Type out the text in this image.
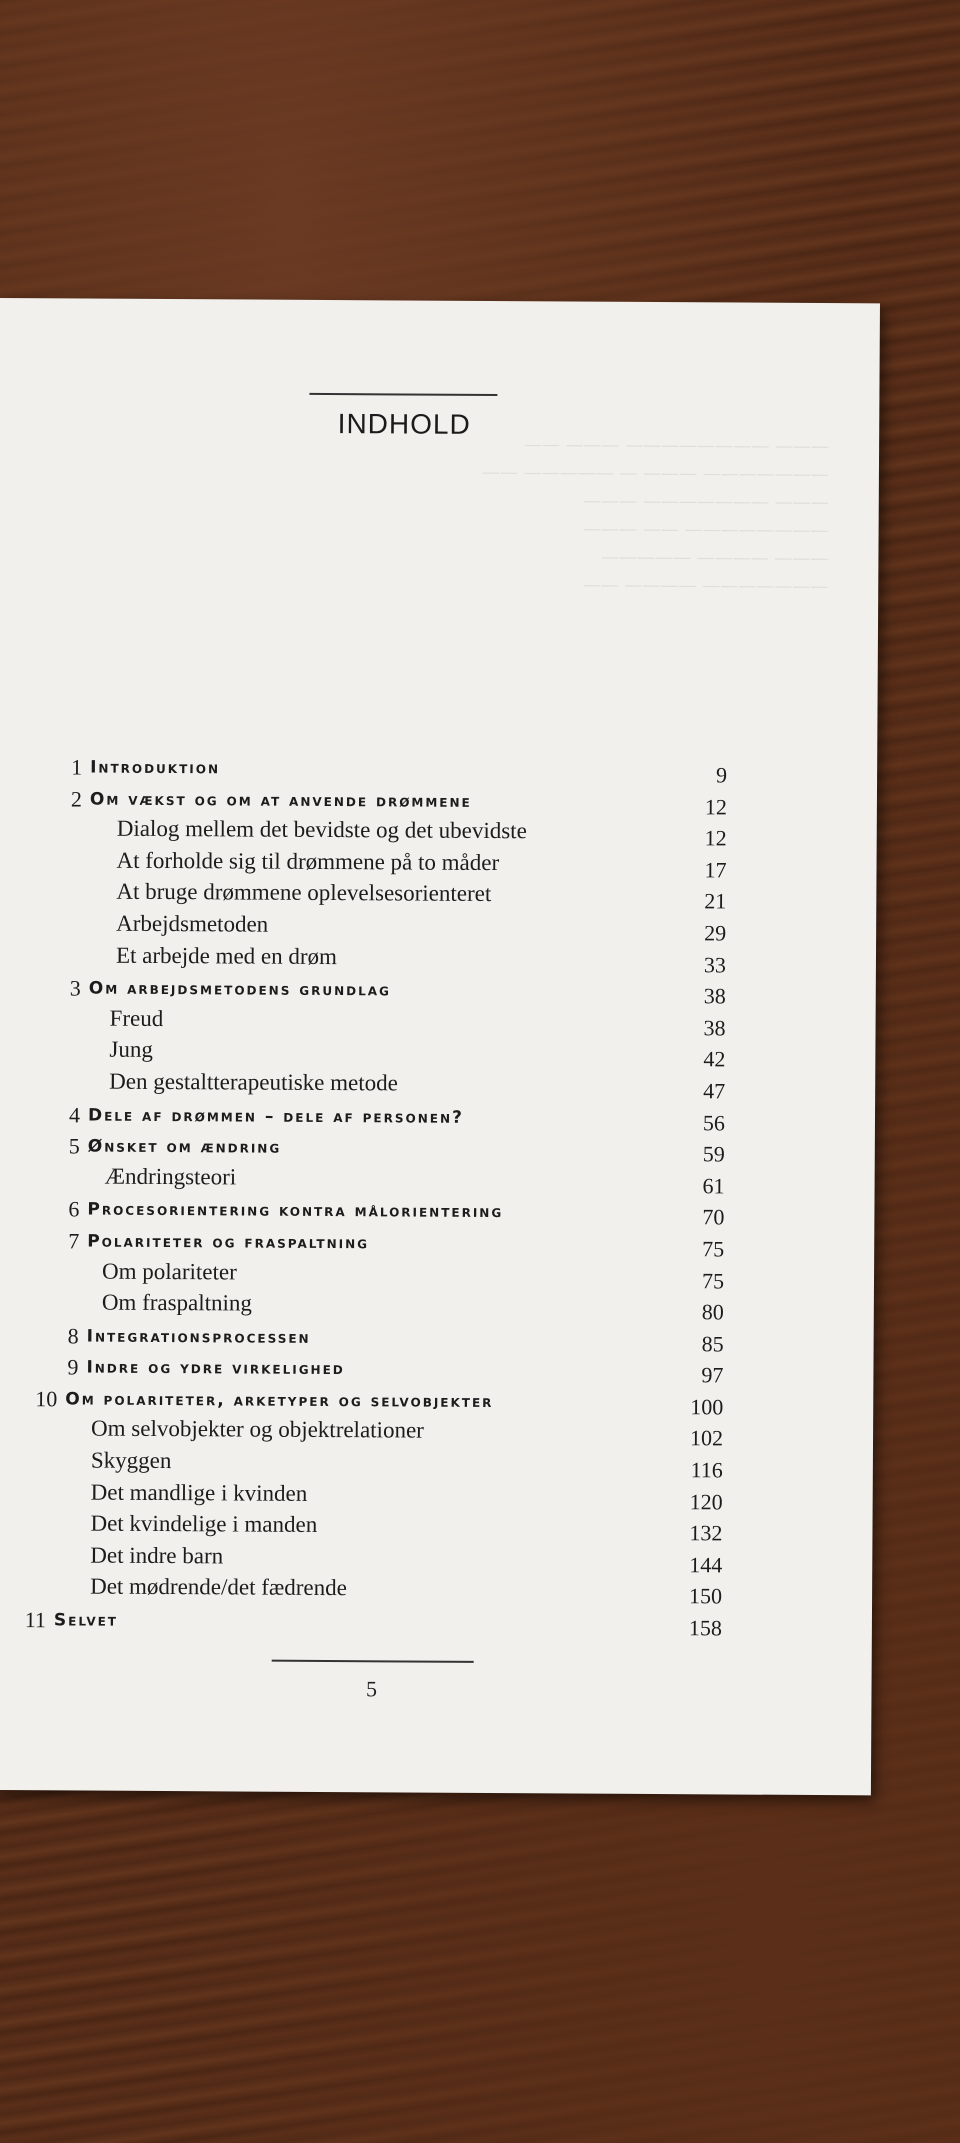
——— ———————— ——— ——
——————— ——— — ————— ——
——— ——————— ———
———————— —— ———
——— ———— —————
——————— ———— ——
INDHOLD
1 Introduktion	9
2 Om vækst og om at anvende drømmene	12
Dialog mellem det bevidste og det ubevidste	12
At forholde sig til drømmene på to måder	17
At bruge drømmene oplevelsesorienteret	21
Arbejdsmetoden	29
Et arbejde med en drøm	33
3 Om arbejdsmetodens grundlag	38
Freud	38
Jung	42
Den gestaltterapeutiske metode	47
4 Dele af drømmen – dele af personen?	56
5 Ønsket om ændring	59
Ændringsteori	61
6 Procesorientering kontra målorientering	70
7 Polariteter og fraspaltning	75
Om polariteter	75
Om fraspaltning	80
8 Integrationsprocessen	85
9 Indre og ydre virkelighed	97
10 Om polariteter, arketyper og selvobjekter	100
Om selvobjekter og objektrelationer	102
Skyggen	116
Det mandlige i kvinden	120
Det kvindelige i manden	132
Det indre barn	144
Det mødrende/det fædrende	150
11 Selvet	158
5
